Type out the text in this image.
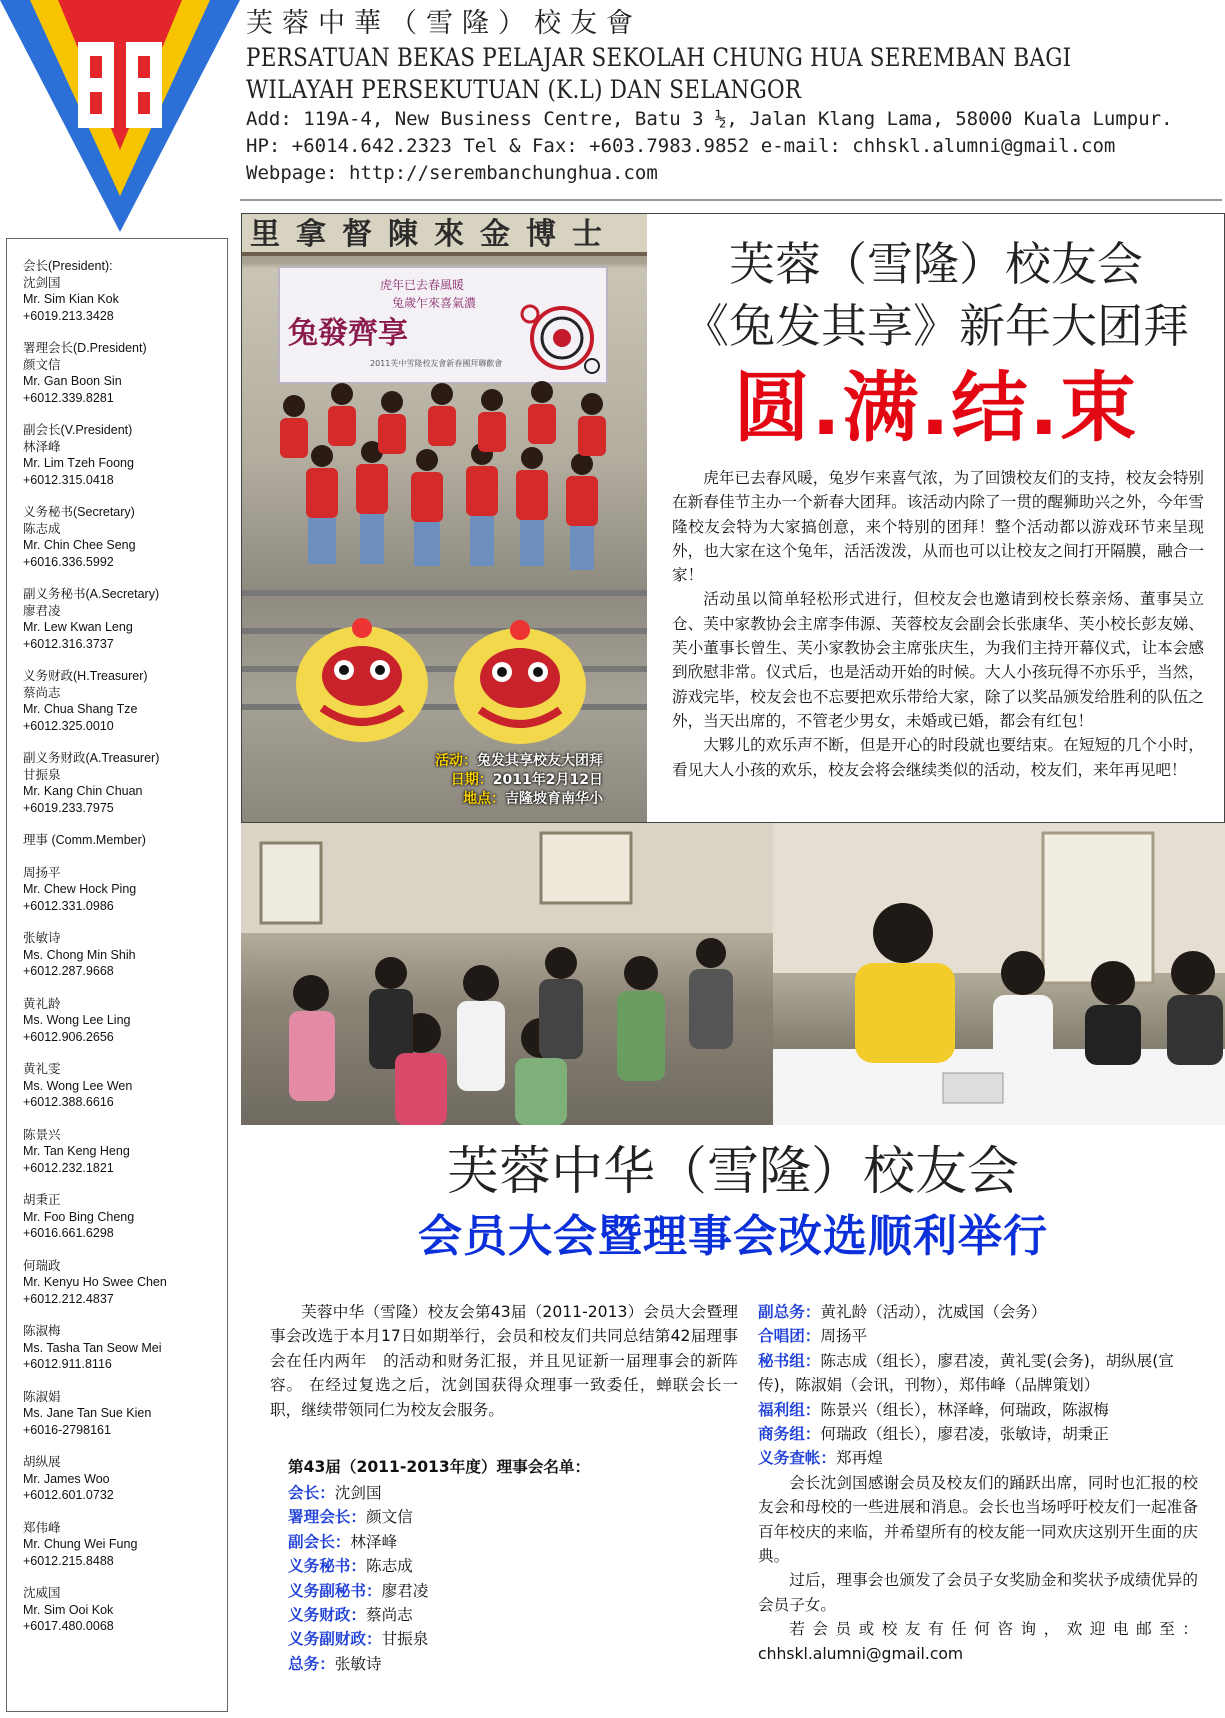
芙蓉中華（雪隆）校友會
PERSATUAN BEKAS PELAJAR SEKOLAH CHUNG HUA SEREMBAN BAGI
WILAYAH PERSEKUTUAN (K.L) DAN SELANGOR
Add: 119A-4, New Business Centre, Batu 3 ½, Jalan Klang Lama, 58000 Kuala Lumpur.
HP: +6014.642.2323 Tel & Fax: +603.7983.9852 e-mail: chhskl.alumni@gmail.com
Webpage: http://serembanchunghua.com
会长(President):
沈剑国
Mr. Sim Kian Kok
+6019.213.3428
署理会长(D.President)
颜文信
Mr. Gan Boon Sin
+6012.339.8281
副会长(V.President)
林泽峰
Mr. Lim Tzeh Foong
+6012.315.0418
义务秘书(Secretary)
陈志成
Mr. Chin Chee Seng
+6016.336.5992
副义务秘书(A.Secretary)
廖君凌
Mr. Lew Kwan Leng
+6012.316.3737
义务财政(H.Treasurer)
蔡尚志
Mr. Chua Shang Tze
+6012.325.0010
副义务财政(A.Treasurer)
甘振泉
Mr. Kang Chin Chuan
+6019.233.7975
理事 (Comm.Member)
周扬平
Mr. Chew Hock Ping
+6012.331.0986
张敏诗
Ms. Chong Min Shih
+6012.287.9668
黄礼龄
Ms. Wong Lee Ling
+6012.906.2656
黄礼雯
Ms. Wong Lee Wen
+6012.388.6616
陈景兴
Mr. Tan Keng Heng
+6012.232.1821
胡秉正
Mr. Foo Bing Cheng
+6016.661.6298
何瑞政
Mr. Kenyu Ho Swee Chen
+6012.212.4837
陈淑梅
Ms. Tasha Tan Seow Mei
+6012.911.8116
陈淑娟
Ms. Jane Tan Sue Kien
+6016-2798161
胡纵展
Mr. James Woo
+6012.601.0732
郑伟峰
Mr. Chung Wei Fung
+6012.215.8488
沈威国
Mr. Sim Ooi Kok
+6017.480.0068
里拿督陳來金博士
虎年已去春風暖
兔歲乍來喜氣濃
兔發齊享
2011芙中雪隆校友會新春團拜聯歡會
活动：兔发其享校友大团拜
日期：2011年2月12日
地点：吉隆坡育南华小
芙蓉（雪隆）校友会
《兔发其享》新年大团拜
圆.满.结.束

虎年已去春风暖，兔岁乍来喜气浓，为了回馈校友们的支持，校友会特别在新春佳节主办一个新春大团拜。该活动内除了一贯的醒狮助兴之外，今年雪隆校友会特为大家搞创意，来个特别的团拜！整个活动都以游戏环节来呈现外，也大家在这个兔年，活活泼泼，从而也可以让校友之间打开隔膜，融合一家！

活动虽以简单轻松形式进行，但校友会也邀请到校长蔡亲炀、董事吴立仓、芙中家教协会主席李伟源、芙蓉校友会副会长张康华、芙小校长彭友娣、芙小董事长曾生、芙小家教协会主席张庆生，为我们主持开幕仪式，让本会感到欣慰非常。仪式后，也是活动开始的时候。大人小孩玩得不亦乐乎，当然，游戏完毕，校友会也不忘要把欢乐带给大家，除了以奖品颁发给胜利的队伍之外，当天出席的，不管老少男女，未婚或已婚，都会有红包！

大夥儿的欢乐声不断，但是开心的时段就也要结束。在短短的几个小时，看见大人小孩的欢乐，校友会将会继续类似的活动，校友们，来年再见吧！

芙蓉中华（雪隆）校友会
会员大会暨理事会改选顺利举行

芙蓉中华（雪隆）校友会第43届（2011-2013）会员大会暨理事会改选于本月17日如期举行，会员和校友们共同总结第42届理事会在任内两年　的活动和财务汇报，并且见证新一届理事会的新阵容。 在经过复选之后，沈剑国获得众理事一致委任，蝉联会长一职，继续带领同仁为校友会服务。

第43届（2011-2013年度）理事会名单：
会长：沈剑国
署理会长：颜文信
副会长：林泽峰
义务秘书：陈志成
义务副秘书：廖君凌
义务财政：蔡尚志
义务副财政：甘振泉
总务：张敏诗
副总务：黄礼龄（活动），沈威国（会务）
合唱团：周扬平
秘书组：陈志成（组长），廖君凌，黄礼雯(会务)，胡纵展(宣传)，陈淑娟（会讯，刊物），郑伟峰（品牌策划）
福利组：陈景兴（组长），林泽峰，何瑞政，陈淑梅
商务组：何瑞政（组长），廖君凌，张敏诗，胡秉正
义务查帐：郑再煌

会长沈剑国感谢会员及校友们的踊跃出席，同时也汇报的校友会和母校的一些进展和消息。会长也当场呼吁校友们一起准备百年校庆的来临，并希望所有的校友能一同欢庆这别开生面的庆典。

过后，理事会也颁发了会员子女奖励金和奖状予成绩优异的会员子女。

若会员或校友有任何咨询，欢迎电邮至：

chhskl.alumni@gmail.com
